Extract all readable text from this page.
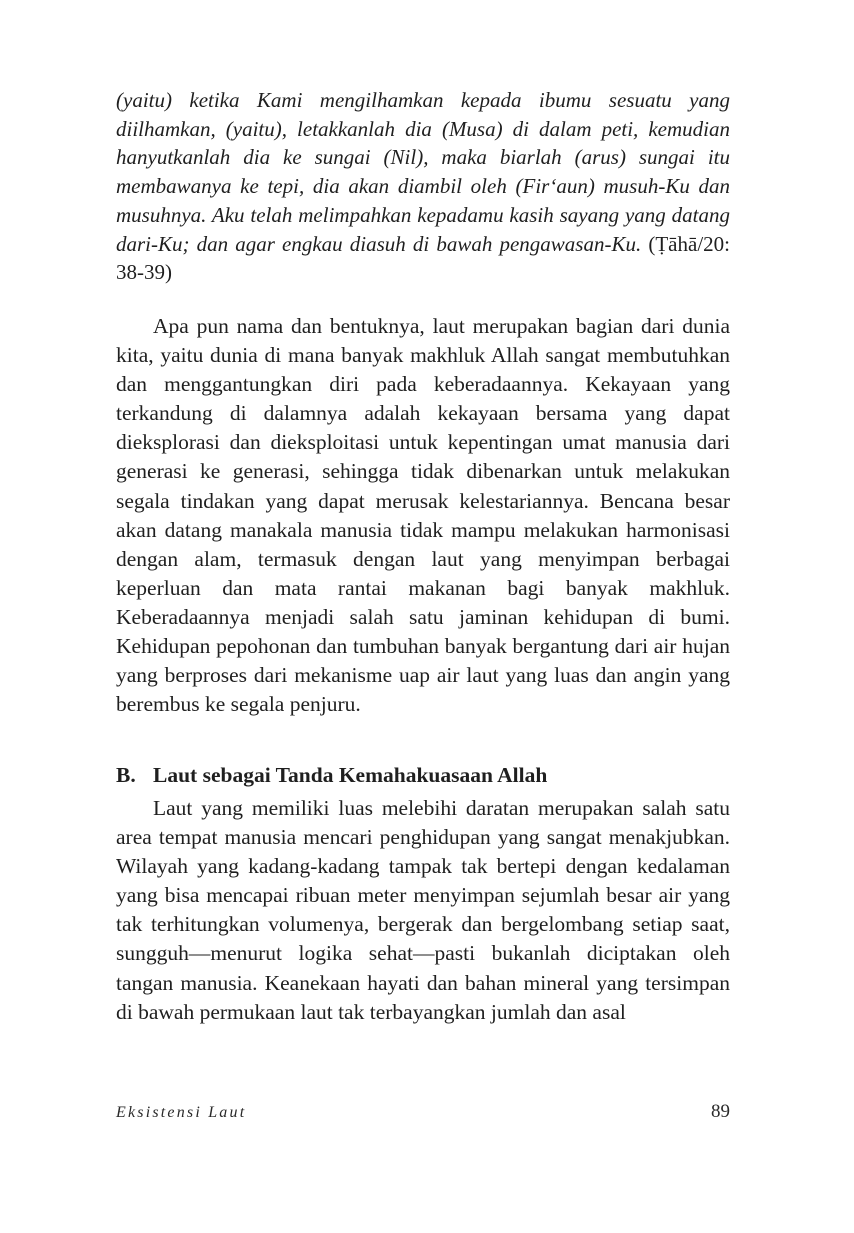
(yaitu) ketika Kami mengilhamkan kepada ibumu sesuatu yang diilhamkan, (yaitu), letakkanlah dia (Musa) di dalam peti, kemudian hanyutkanlah dia ke sungai (Nil), maka biarlah (arus) sungai itu membawanya ke tepi, dia akan diambil oleh (Fir‘aun) musuh-Ku dan musuhnya. Aku telah melimpahkan kepadamu kasih sayang yang datang dari-Ku; dan agar engkau diasuh di bawah pengawasan-Ku. (Ṭāhā/20: 38-39)
Apa pun nama dan bentuknya, laut merupakan bagian dari dunia kita, yaitu dunia di mana banyak makhluk Allah sangat membutuhkan dan menggantungkan diri pada keberadaannya. Kekayaan yang terkandung di dalamnya adalah kekayaan bersama yang dapat dieksplorasi dan dieksploitasi untuk kepentingan umat manusia dari generasi ke generasi, sehingga tidak dibenarkan untuk melakukan segala tindakan yang dapat merusak kelestariannya. Bencana besar akan datang manakala manusia tidak mampu melakukan harmonisasi dengan alam, termasuk dengan laut yang menyimpan berbagai keperluan dan mata rantai makanan bagi banyak makhluk. Keberadaannya menjadi salah satu jaminan kehidupan di bumi. Kehidupan pepohonan dan tumbuhan banyak bergantung dari air hujan yang berproses dari mekanisme uap air laut yang luas dan angin yang berembus ke segala penjuru.
B. Laut sebagai Tanda Kemahakuasaan Allah
Laut yang memiliki luas melebihi daratan merupakan salah satu area tempat manusia mencari penghidupan yang sangat menakjubkan. Wilayah yang kadang-kadang tampak tak bertepi dengan kedalaman yang bisa mencapai ribuan meter menyimpan sejumlah besar air yang tak terhitungkan volumenya, bergerak dan bergelombang setiap saat, sungguh—menurut logika sehat—pasti bukanlah diciptakan oleh tangan manusia. Keanekaan hayati dan bahan mineral yang tersimpan di bawah permukaan laut tak terbayangkan jumlah dan asal
Eksistensi Laut	89
